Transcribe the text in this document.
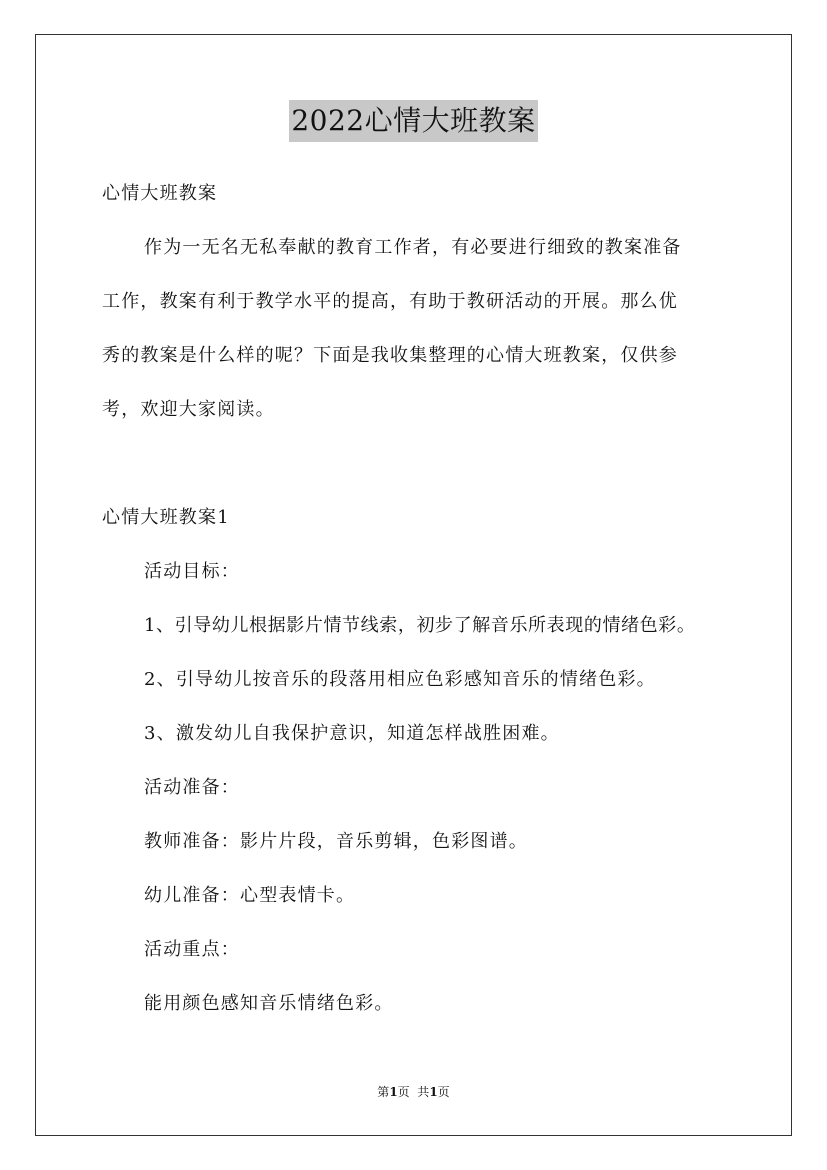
2022心情大班教案
心情大班教案
作为一无名无私奉献的教育工作者，有必要进行细致的教案准备
工作，教案有利于教学水平的提高，有助于教研活动的开展。那么优
秀的教案是什么样的呢？下面是我收集整理的心情大班教案，仅供参
考，欢迎大家阅读。
心情大班教案1
活动目标：
1、引导幼儿根据影片情节线索，初步了解音乐所表现的情绪色彩。
2、引导幼儿按音乐的段落用相应色彩感知音乐的情绪色彩。
3、激发幼儿自我保护意识，知道怎样战胜困难。
活动准备：
教师准备：影片片段，音乐剪辑，色彩图谱。
幼儿准备：心型表情卡。
活动重点：
能用颜色感知音乐情绪色彩。
第1页  共1页
